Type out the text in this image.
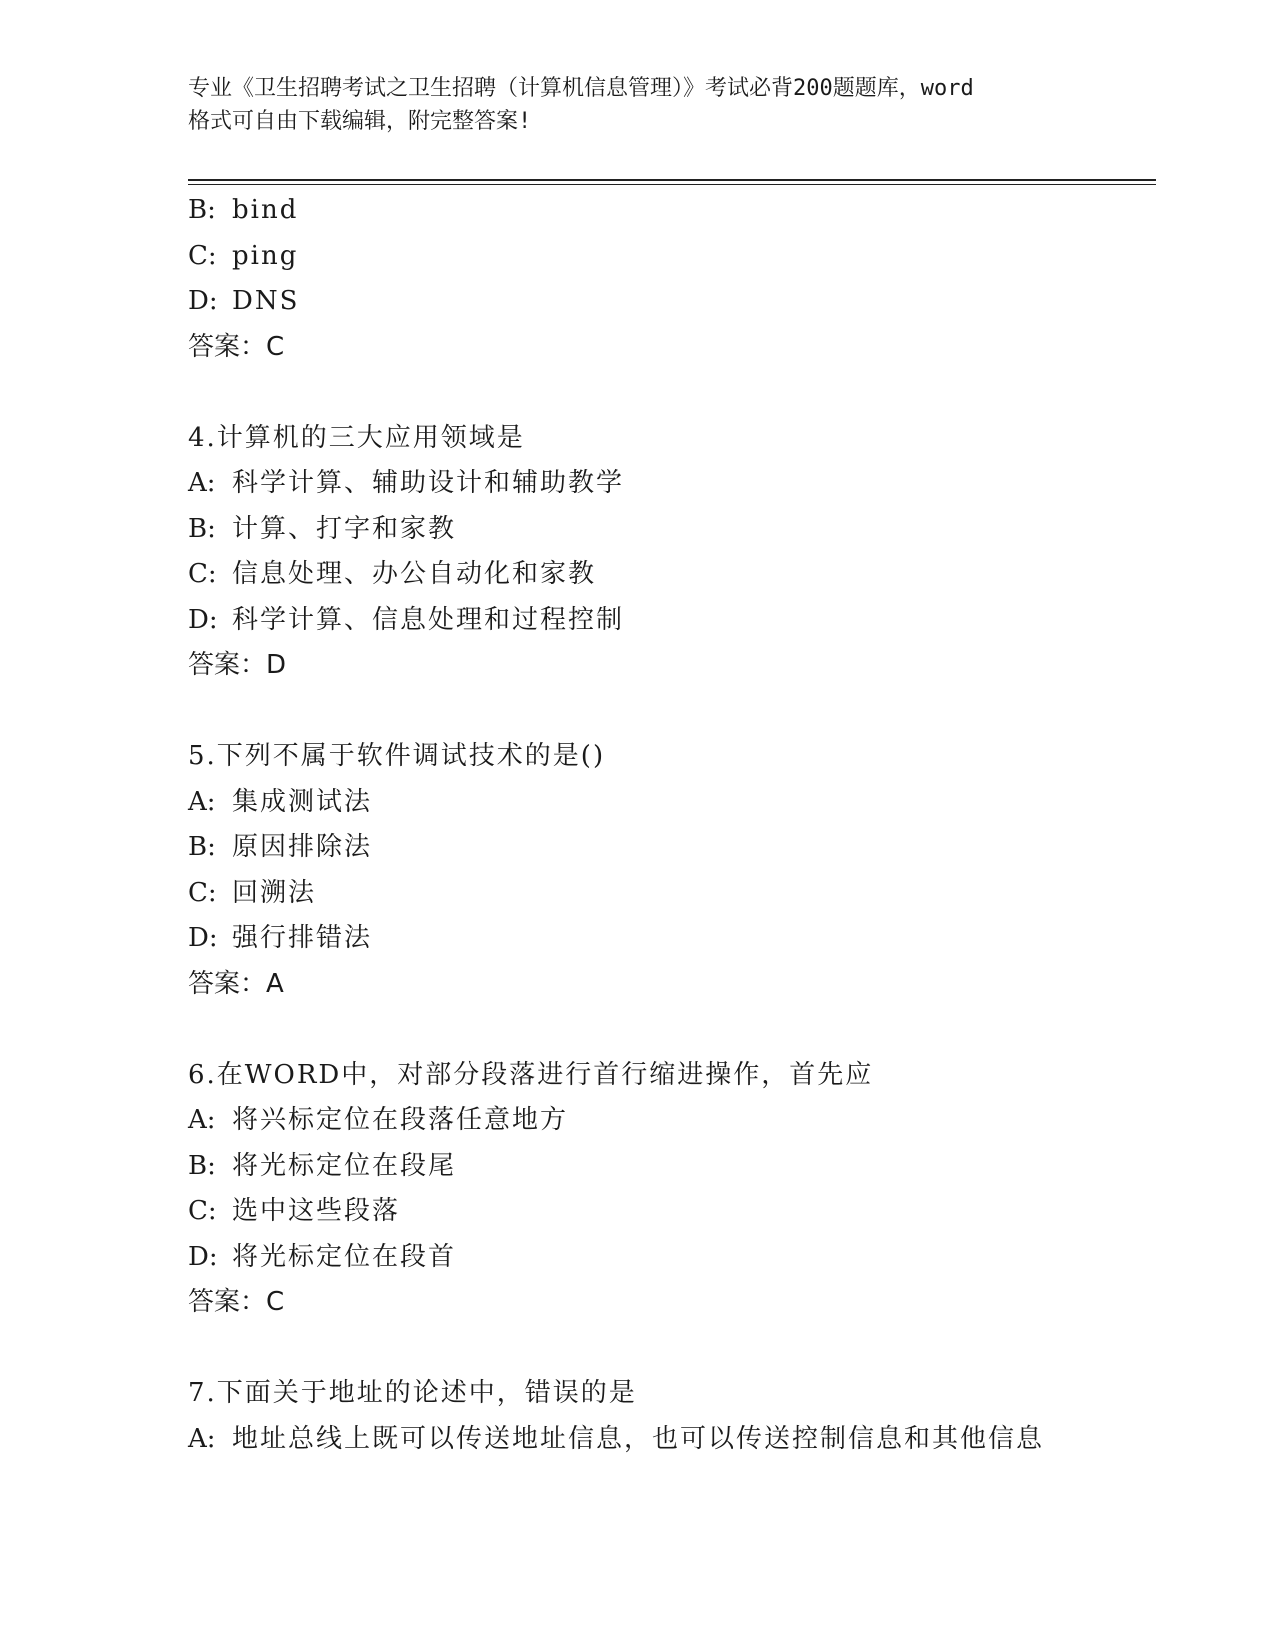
专业《卫生招聘考试之卫生招聘（计算机信息管理）》考试必背200题题库，word
格式可自由下载编辑，附完整答案!
B: bind
C: ping
D: DNS
答案：C
4.计算机的三大应用领域是
A: 科学计算、辅助设计和辅助教学
B: 计算、打字和家教
C: 信息处理、办公自动化和家教
D: 科学计算、信息处理和过程控制
答案：D
5.下列不属于软件调试技术的是()
A: 集成测试法
B: 原因排除法
C: 回溯法
D: 强行排错法
答案：A
6.在WORD中，对部分段落进行首行缩进操作，首先应
A: 将兴标定位在段落任意地方
B: 将光标定位在段尾
C: 选中这些段落
D: 将光标定位在段首
答案：C
7.下面关于地址的论述中，错误的是
A: 地址总线上既可以传送地址信息，也可以传送控制信息和其他信息
